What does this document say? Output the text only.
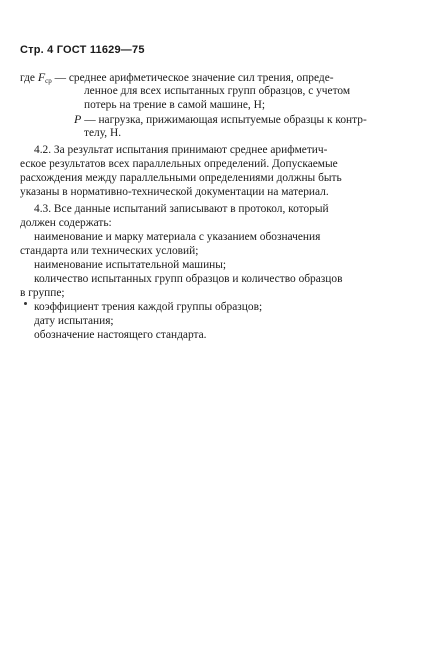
Стр. 4 ГОСТ 11629—75
где $F_{ср}$ — среднее арифметическое значение сил трения, опреде-
ленное для всех испытанных групп образцов, с учетом
потерь на трение в самой машине, Н;
P — нагрузка, прижимающая испытуемые образцы к контр-
телу, Н.
4.2. За результат испытания принимают среднее арифметич-
еское результатов всех параллельных определений. Допускаемые
расхождения между параллельными определениями должны быть
указаны в нормативно-технической документации на материал.
4.3. Все данные испытаний записывают в протокол, который
должен содержать:
наименование и марку материала с указанием обозначения
стандарта или технических условий;
наименование испытательной машины;
количество испытанных групп образцов и количество образцов
в группе;
коэффициент трения каждой группы образцов;
дату испытания;
обозначение настоящего стандарта.
